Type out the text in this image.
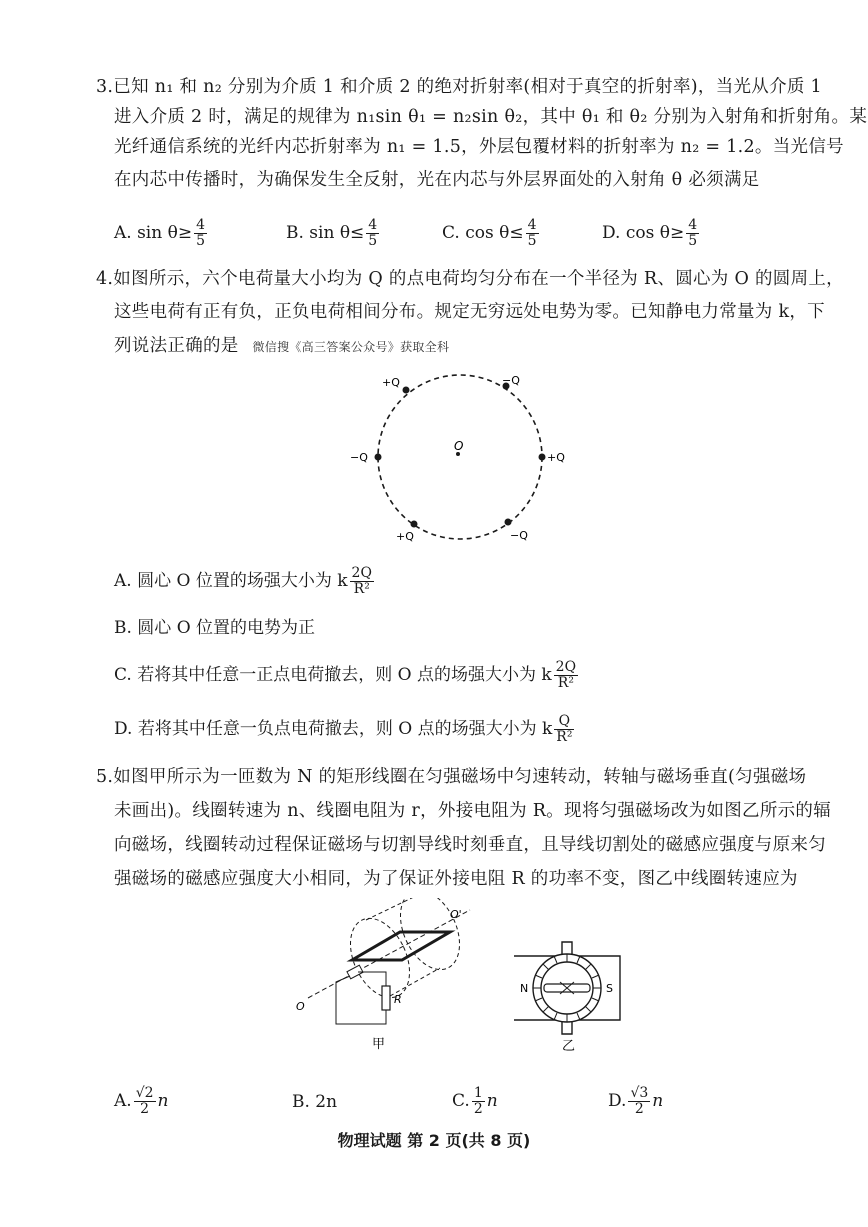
3.已知 n₁ 和 n₂ 分别为介质 1 和介质 2 的绝对折射率(相对于真空的折射率)，当光从介质 1
进入介质 2 时，满足的规律为 n₁sin θ₁ = n₂sin θ₂，其中 θ₁ 和 θ₂ 分别为入射角和折射角。某
光纤通信系统的光纤内芯折射率为 n₁ = 1.5，外层包覆材料的折射率为 n₂ = 1.2。当光信号
在内芯中传播时，为确保发生全反射，光在内芯与外层界面处的入射角 θ 必须满足
A. $\sin \theta\ge \frac{4}{5}$	B. $\sin \theta\le \frac{4}{5}$	C. $\cos \theta\le \frac{4}{5}$	D. $\cos \theta\ge \frac{4}{5}$
4.如图所示，六个电荷量大小均为 Q 的点电荷均匀分布在一个半径为 R、圆心为 O 的圆周上，
这些电荷有正有负，正负电荷相间分布。规定无穷远处电势为零。已知静电力常量为 k，下
列说法正确的是 微信搜《高三答案公众号》获取全科
O
+Q	−Q
+Q
−Q
+Q
−Q
A. 圆心 O 位置的场强大小为 k $\frac{2Q}{\text{R²}}$
B. 圆心 O 位置的电势为正
C. 若将其中任意一正点电荷撤去，则 O 点的场强大小为 k $\frac{2Q}{\text{R²}}$
D. 若将其中任意一负点电荷撤去，则 O 点的场强大小为 k $\frac{Q}{\text{R²}}$
5.如图甲所示为一匝数为 N 的矩形线圈在匀强磁场中匀速转动，转轴与磁场垂直(匀强磁场
未画出)。线圈转速为 n、线圈电阻为 r，外接电阻为 R。现将匀强磁场改为如图乙所示的辐
向磁场，线圈转动过程保证磁场与切割导线时刻垂直，且导线切割处的磁感应强度与原来匀
强磁场的磁感应强度大小相同，为了保证外接电阻 R 的功率不变，图乙中线圈转速应为
R
O
O'
甲
N	S
乙
A. $\frac{√2}{2}$ n	B. 2n	C. $\frac{1}{2}$ n	D. $\frac{√3}{2}$ n
物理试题 第 2 页(共 8 页)
